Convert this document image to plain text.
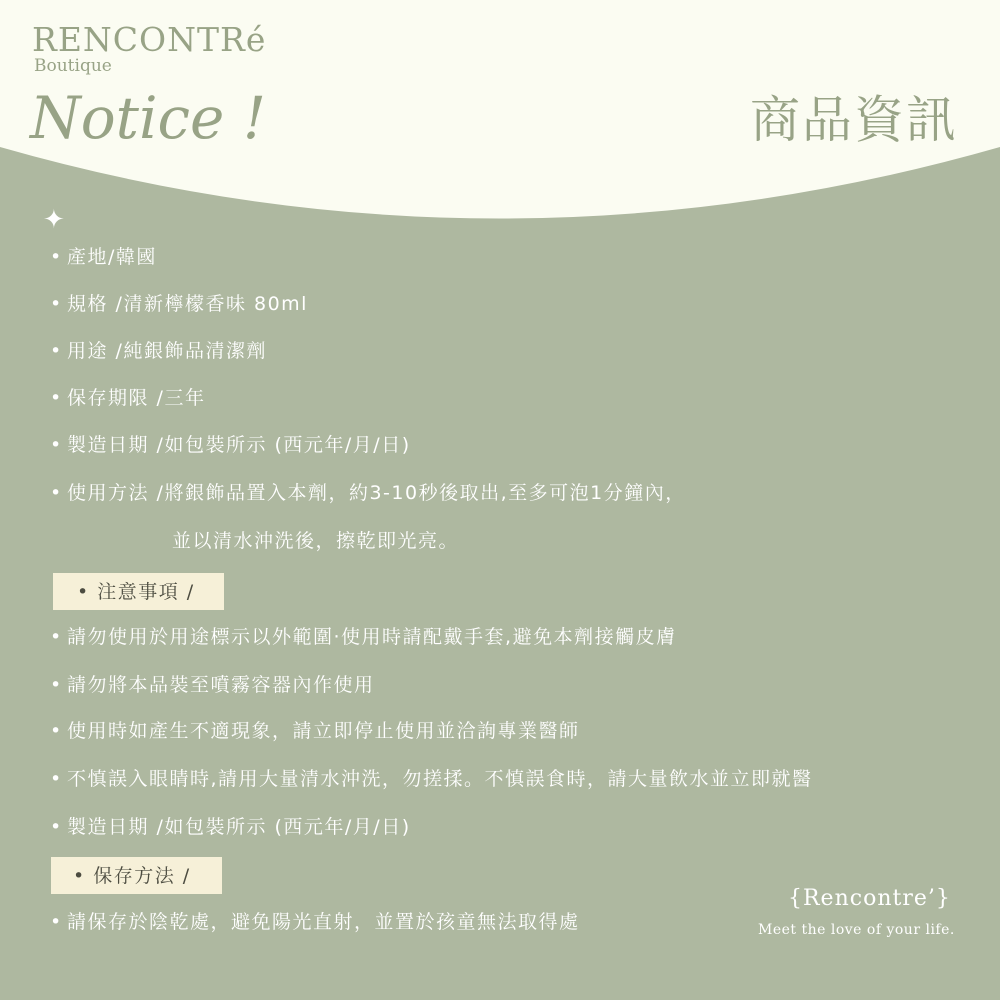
RENCONTRé
Boutique
Notice !	商品資訊
✦
• 產地/韓國
• 規格 /清新檸檬香味 80ml
• 用途 /純銀飾品清潔劑
• 保存期限 /三年
• 製造日期 /如包裝所示 (西元年/月/日)
• 使用方法 /將銀飾品置入本劑，約3-10秒後取出,至多可泡1分鐘內，
並以清水沖洗後，擦乾即光亮。
• 注意事項 /
• 請勿使用於用途標示以外範圍‧使用時請配戴手套,避免本劑接觸皮膚
• 請勿將本品裝至噴霧容器內作使用
• 使用時如產生不適現象，請立即停止使用並洽詢專業醫師
• 不慎誤入眼睛時,請用大量清水沖洗，勿搓揉。不慎誤食時，請大量飲水並立即就醫
• 製造日期 /如包裝所示 (西元年/月/日)
• 保存方法 /
• 請保存於陰乾處，避免陽光直射，並置於孩童無法取得處
{Rencontre’}
Meet the love of your life.
